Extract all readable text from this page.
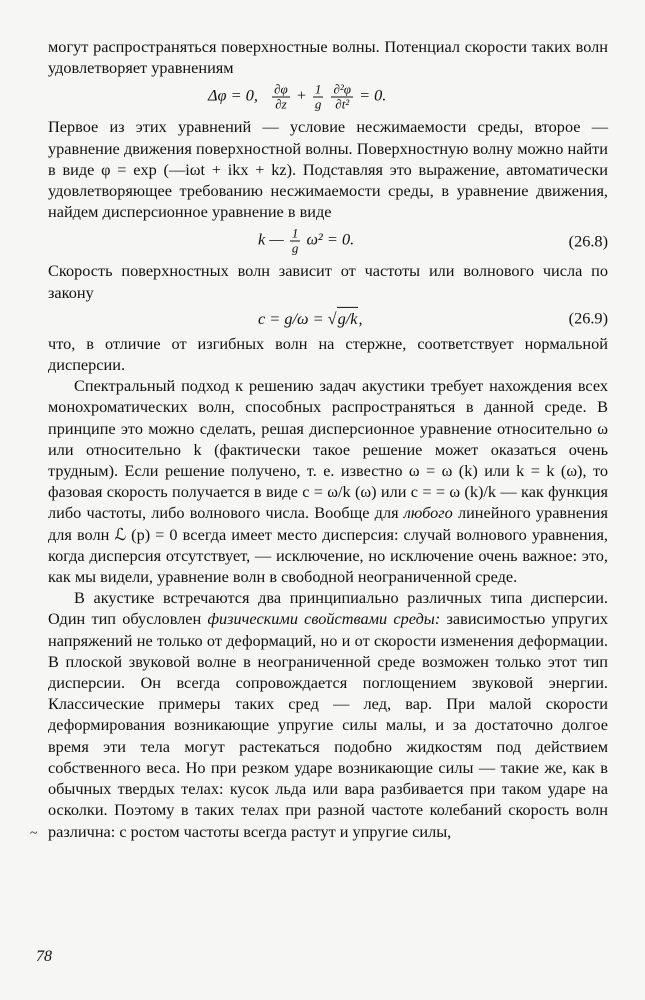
могут распространяться поверхностные волны. Потенциал скорости таких волн удовлетворяет уравнениям

Δφ = 0, $\frac{\partial\varphi}{\partial z} + \frac{1}{g}$
$\frac{\text{∂²φ}}{\text{∂t²}} = 0$.

Первое из этих уравнений — условие несжимаемости среды, второе — уравнение движения поверхностной волны. Поверхностную волну можно найти в виде φ = exp (—iωt + ikx + kz). Подставляя это выражение, автоматически удовлетворяющее требованию несжимаемости среды, в уравнение движения, найдем дисперсионное уравнение в виде

k — $\frac{1}{g} \omega^2 = 0$.	(26.8)

Скорость поверхностных волн зависит от частоты или волнового числа по закону

c = g/ω = √g/k,	(26.9)

что, в отличие от изгибных волн на стержне, соответствует нормальной дисперсии.

Спектральный подход к решению задач акустики требует нахождения всех монохроматических волн, способных распространяться в данной среде. В принципе это можно сделать, решая дисперсионное уравнение относительно ω или относительно k (фактически такое решение может оказаться очень трудным). Если решение получено, т. е. известно ω = ω (k) или k = k (ω), то фазовая скорость получается в виде c = ω/k (ω) или c = = ω (k)/k — как функция либо частоты, либо волнового числа. Вообще для любого линейного уравнения для волн ℒ (p) = 0 всегда имеет место дисперсия: случай волнового уравнения, когда дисперсия отсутствует, — исключение, но исключение очень важное: это, как мы видели, уравнение волн в свободной неограниченной среде.

В акустике встречаются два принципиально различных типа дисперсии. Один тип обусловлен физическими свойствами среды: зависимостью упругих напряжений не только от деформаций, но и от скорости изменения деформации. В плоской звуковой волне в неограниченной среде возможен только этот тип дисперсии. Он всегда сопровождается поглощением звуковой энергии. Классические примеры таких сред — лед, вар. При малой скорости деформирования возникающие упругие силы малы, и за достаточно долгое время эти тела могут растекаться подобно жидкостям под действием собственного веса. Но при резком ударе возникающие силы — такие же, как в обычных твердых телах: кусок льда или вара разбивается при таком ударе на осколки. Поэтому в таких телах при разной частоте колебаний скорость волн различна: с ростом частоты всегда растут и упругие силы,

~
78
